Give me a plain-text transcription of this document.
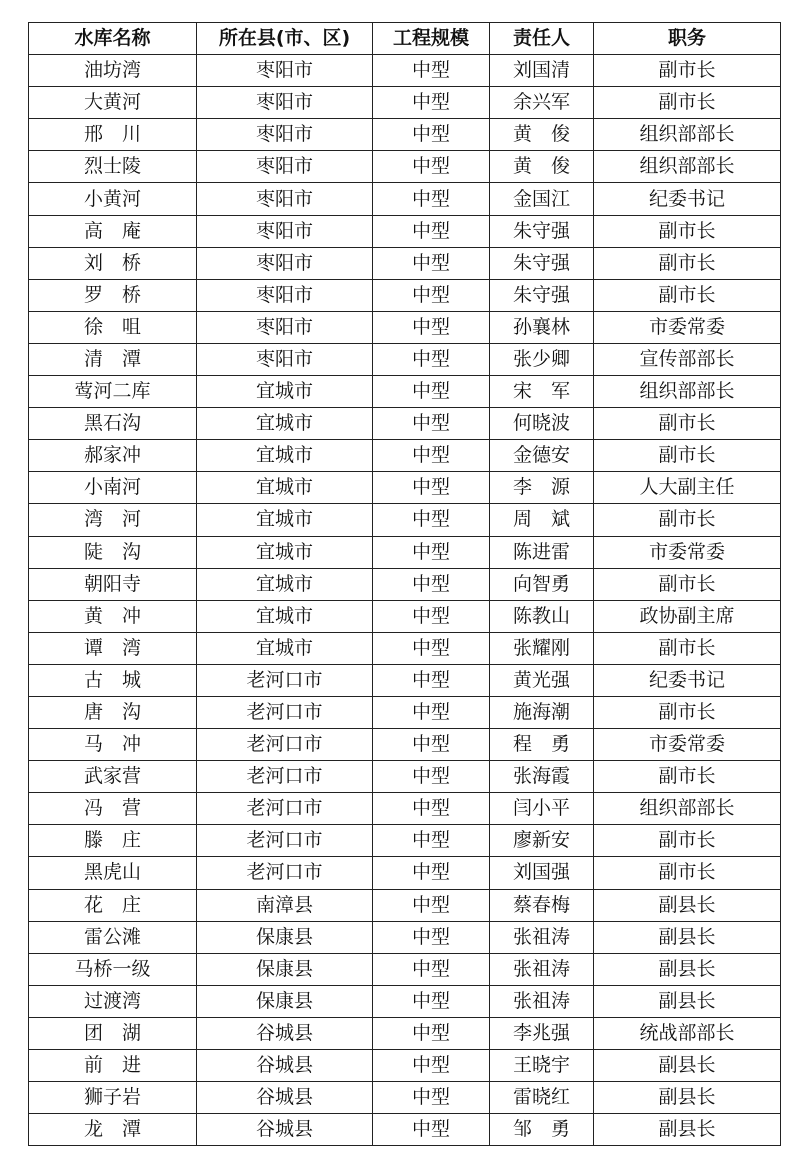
水库名称	所在县(市、区)	工程规模	责任人	职务
油坊湾	枣阳市	中型	刘国清	副市长
大黄河	枣阳市	中型	余兴军	副市长
邢　川	枣阳市	中型	黄　俊	组织部部长
烈士陵	枣阳市	中型	黄　俊	组织部部长
小黄河	枣阳市	中型	金国江	纪委书记
高　庵	枣阳市	中型	朱守强	副市长
刘　桥	枣阳市	中型	朱守强	副市长
罗　桥	枣阳市	中型	朱守强	副市长
徐　咀	枣阳市	中型	孙襄林	市委常委
清　潭	枣阳市	中型	张少卿	宣传部部长
莺河二库	宜城市	中型	宋　军	组织部部长
黑石沟	宜城市	中型	何晓波	副市长
郝家冲	宜城市	中型	金德安	副市长
小南河	宜城市	中型	李　源	人大副主任
湾　河	宜城市	中型	周　斌	副市长
陡　沟	宜城市	中型	陈进雷	市委常委
朝阳寺	宜城市	中型	向智勇	副市长
黄　冲	宜城市	中型	陈教山	政协副主席
谭　湾	宜城市	中型	张耀刚	副市长
古　城	老河口市	中型	黄光强	纪委书记
唐　沟	老河口市	中型	施海潮	副市长
马　冲	老河口市	中型	程　勇	市委常委
武家营	老河口市	中型	张海霞	副市长
冯　营	老河口市	中型	闫小平	组织部部长
滕　庄	老河口市	中型	廖新安	副市长
黑虎山	老河口市	中型	刘国强	副市长
花　庄	南漳县	中型	蔡春梅	副县长
雷公滩	保康县	中型	张祖涛	副县长
马桥一级	保康县	中型	张祖涛	副县长
过渡湾	保康县	中型	张祖涛	副县长
团　湖	谷城县	中型	李兆强	统战部部长
前　进	谷城县	中型	王晓宇	副县长
狮子岩	谷城县	中型	雷晓红	副县长
龙　潭	谷城县	中型	邹　勇	副县长
